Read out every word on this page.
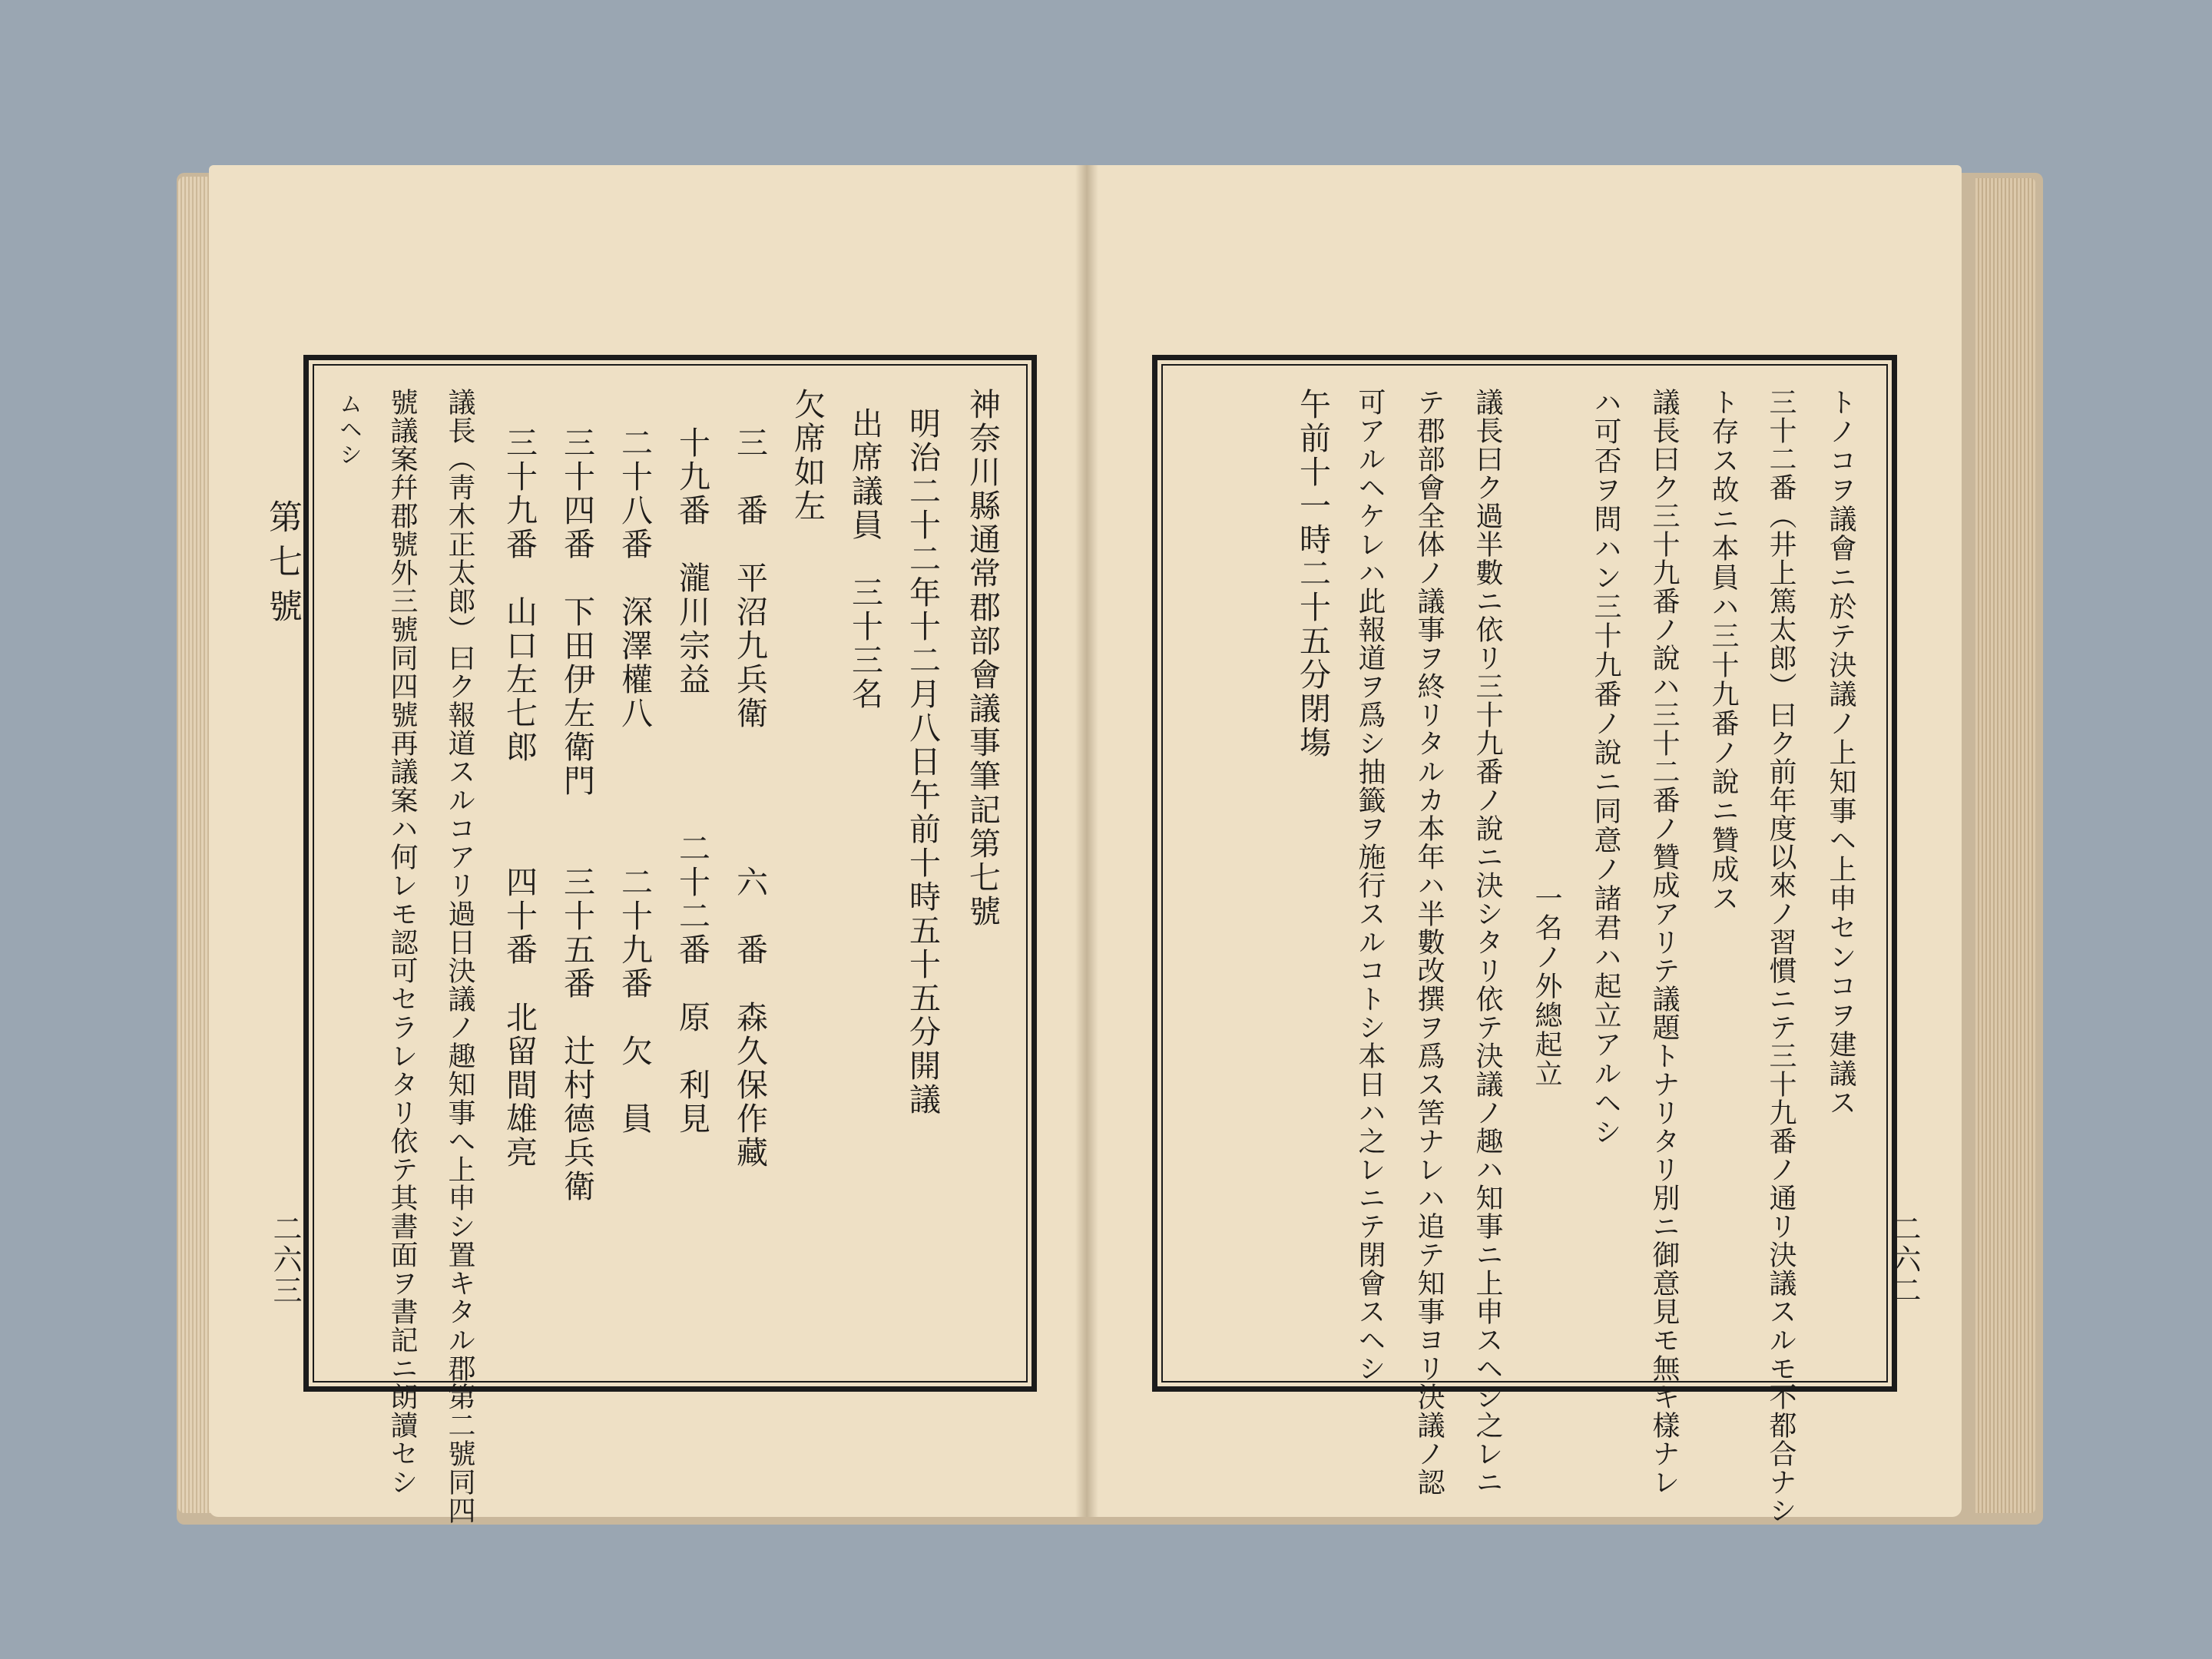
第七號
二六三
神奈川縣通常郡部會議事筆記第七號
明治二十二年十二月八日午前十時五十五分開議
出席議員　三十三名
欠席如左
三　番　平沼九兵衛　　　　六　番　森久保作藏
十九番　瀧川宗益　　　　二十二番　原　利見
二十八番　深澤權八　　　　二十九番　欠　員
三十四番　下田伊左衛門　　三十五番　辻村德兵衛
三十九番　山口左七郎　　　四十番　北留間雄亮
議長（靑木正太郎）曰ク報道スルコアリ過日決議ノ趣知事へ上申シ置キタル郡第二號同四
號議案幷郡號外三號同四號再議案ハ何レモ認可セラレタリ依テ其書面ヲ書記ニ朗讀セシ
ムヘシ
二六二
トノコヲ議會ニ於テ決議ノ上知事ヘ上申センコヲ建議ス
三十二番（井上篤太郎）曰ク前年度以來ノ習慣ニテ三十九番ノ通リ決議スルモ不都合ナシ
ト存ス故ニ本員ハ三十九番ノ說ニ贊成ス
議長曰ク三十九番ノ說ハ三十二番ノ贊成アリテ議題トナリタリ別ニ御意見モ無キ樣ナレ
ハ可否ヲ問ハン三十九番ノ說ニ同意ノ諸君ハ起立アルヘシ
　　　　　　　　　　　　　　　　　一名ノ外總起立
議長曰ク過半數ニ依リ三十九番ノ說ニ決シタリ依テ決議ノ趣ハ知事ニ上申スヘシ之レニ
テ郡部會全体ノ議事ヲ終リタルカ本年ハ半數改撰ヲ爲ス筈ナレハ追テ知事ヨリ決議ノ認
可アルヘケレハ此報道ヲ爲シ抽籤ヲ施行スルコトシ本日ハ之レニテ閉會スヘシ
午前十一時二十五分閉塲
